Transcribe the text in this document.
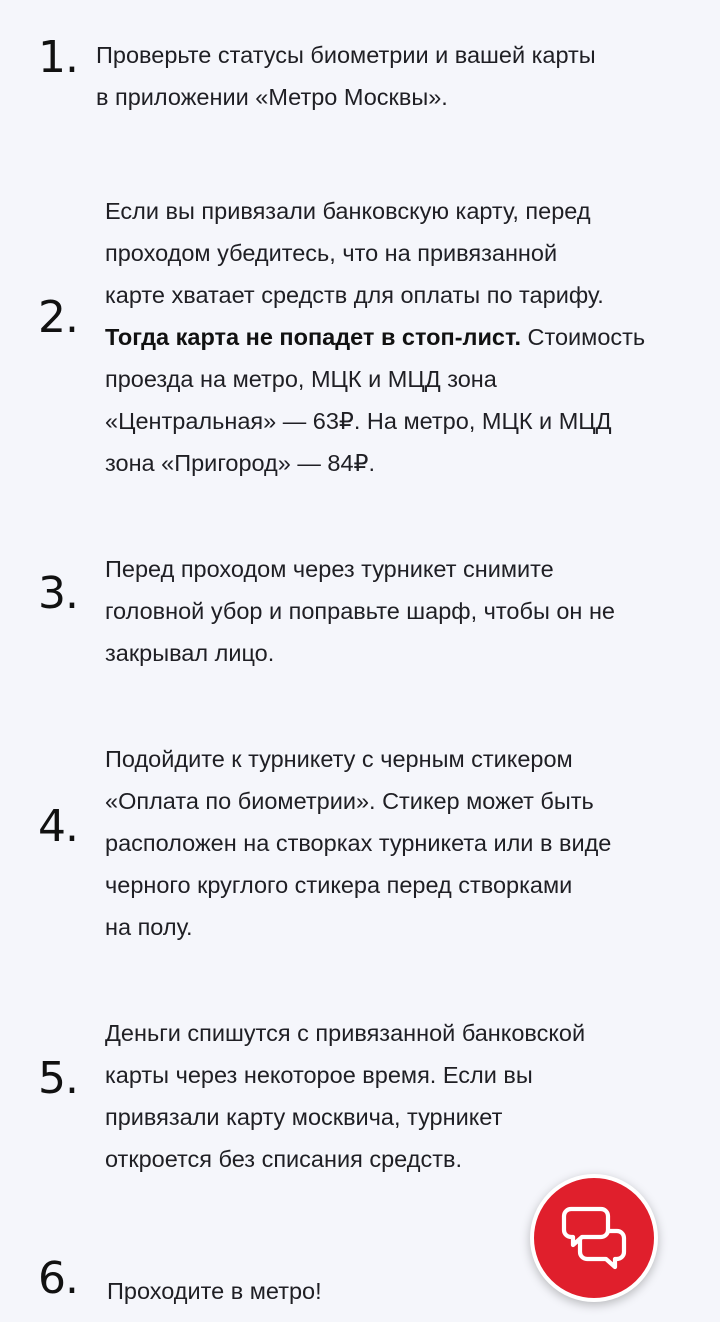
1. Проверьте статусы биометрии и вашей карты
в приложении «Метро Москвы».
2.
Если вы привязали банковскую карту, перед
проходом убедитесь, что на привязанной
карте хватает средств для оплаты по тарифу.
Тогда карта не попадет в стоп-лист. Стоимость
проезда на метро, МЦК и МЦД зона
«Центральная» — 63₽. На метро, МЦК и МЦД
зона «Пригород» — 84₽.
3. Перед проходом через турникет снимите
головной убор и поправьте шарф, чтобы он не
закрывал лицо.
4.
Подойдите к турникету с черным стикером
«Оплата по биометрии». Стикер может быть
расположен на створках турникета или в виде
черного круглого стикера перед створками
на полу.
5.
Деньги спишутся с привязанной банковской
карты через некоторое время. Если вы
привязали карту москвича, турникет
откроется без списания средств.
6. Проходите в метро!
